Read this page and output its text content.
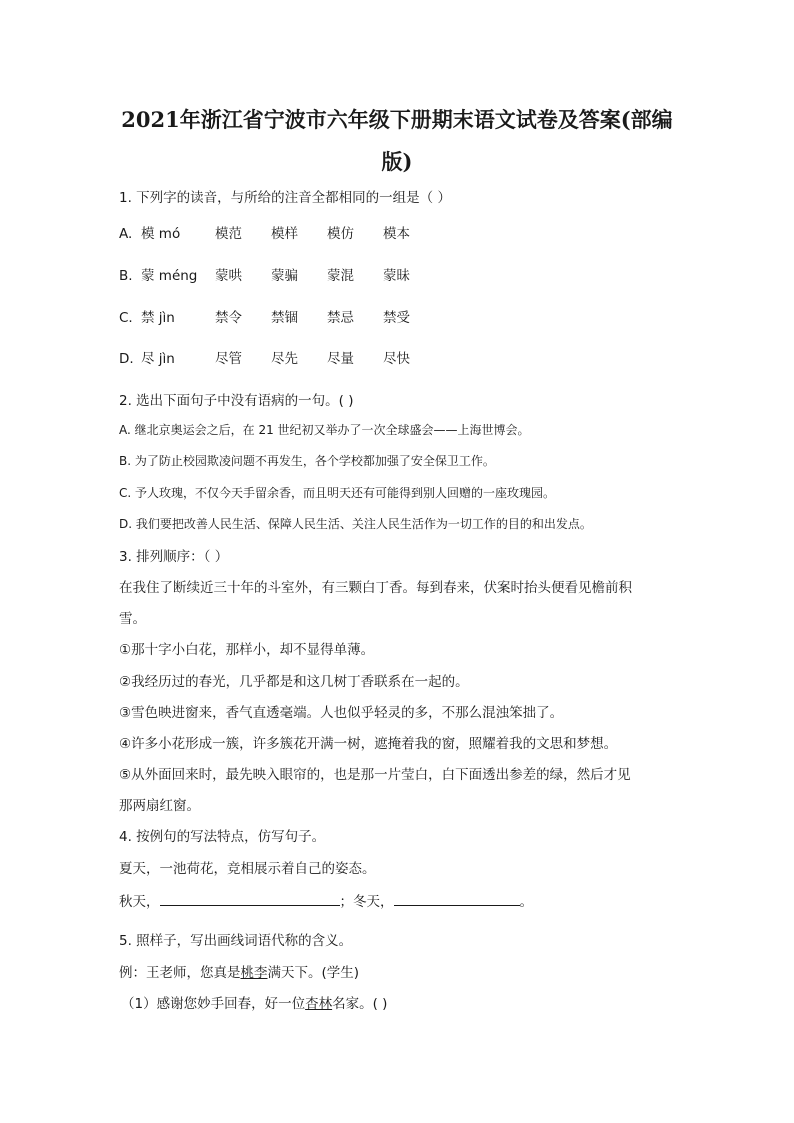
2021年浙江省宁波市六年级下册期末语文试卷及答案(部编
版)
1. 下列字的读音，与所给的注音全都相同的一组是（ ）
A. 模 mó	模范 模样 模仿 模本
B. 蒙 méng 蒙哄 蒙骗 蒙混 蒙昧
C. 禁 jìn	禁令 禁锢 禁忌 禁受
D. 尽 jìn	尽管 尽先 尽量 尽快
2. 选出下面句子中没有语病的一句。( )
A. 继北京奥运会之后，在 21 世纪初又举办了一次全球盛会——上海世博会。
B. 为了防止校园欺凌问题不再发生，各个学校都加强了安全保卫工作。
C. 予人玫瑰，不仅今天手留余香，而且明天还有可能得到别人回赠的一座玫瑰园。
D. 我们要把改善人民生活、保障人民生活、关注人民生活作为一切工作的目的和出发点。
3. 排列顺序：（ ）
在我住了断续近三十年的斗室外，有三颗白丁香。每到春来，伏案时抬头便看见檐前积
雪。
①那十字小白花，那样小，却不显得单薄。
②我经历过的春光，几乎都是和这几树丁香联系在一起的。
③雪色映进窗来，香气直透毫端。人也似乎轻灵的多，不那么混浊笨拙了。
④许多小花形成一簇，许多簇花开满一树，遮掩着我的窗，照耀着我的文思和梦想。
⑤从外面回来时，最先映入眼帘的，也是那一片莹白，白下面透出参差的绿，然后才见
那两扇红窗。
4. 按例句的写法特点，仿写句子。
夏天，一池荷花，竞相展示着自己的姿态。
秋天，	；冬天，	。
5. 照样子，写出画线词语代称的含义。
例：王老师，您真是桃李满天下。(学生)
（1）感谢您妙手回春，好一位杏林名家。( )
